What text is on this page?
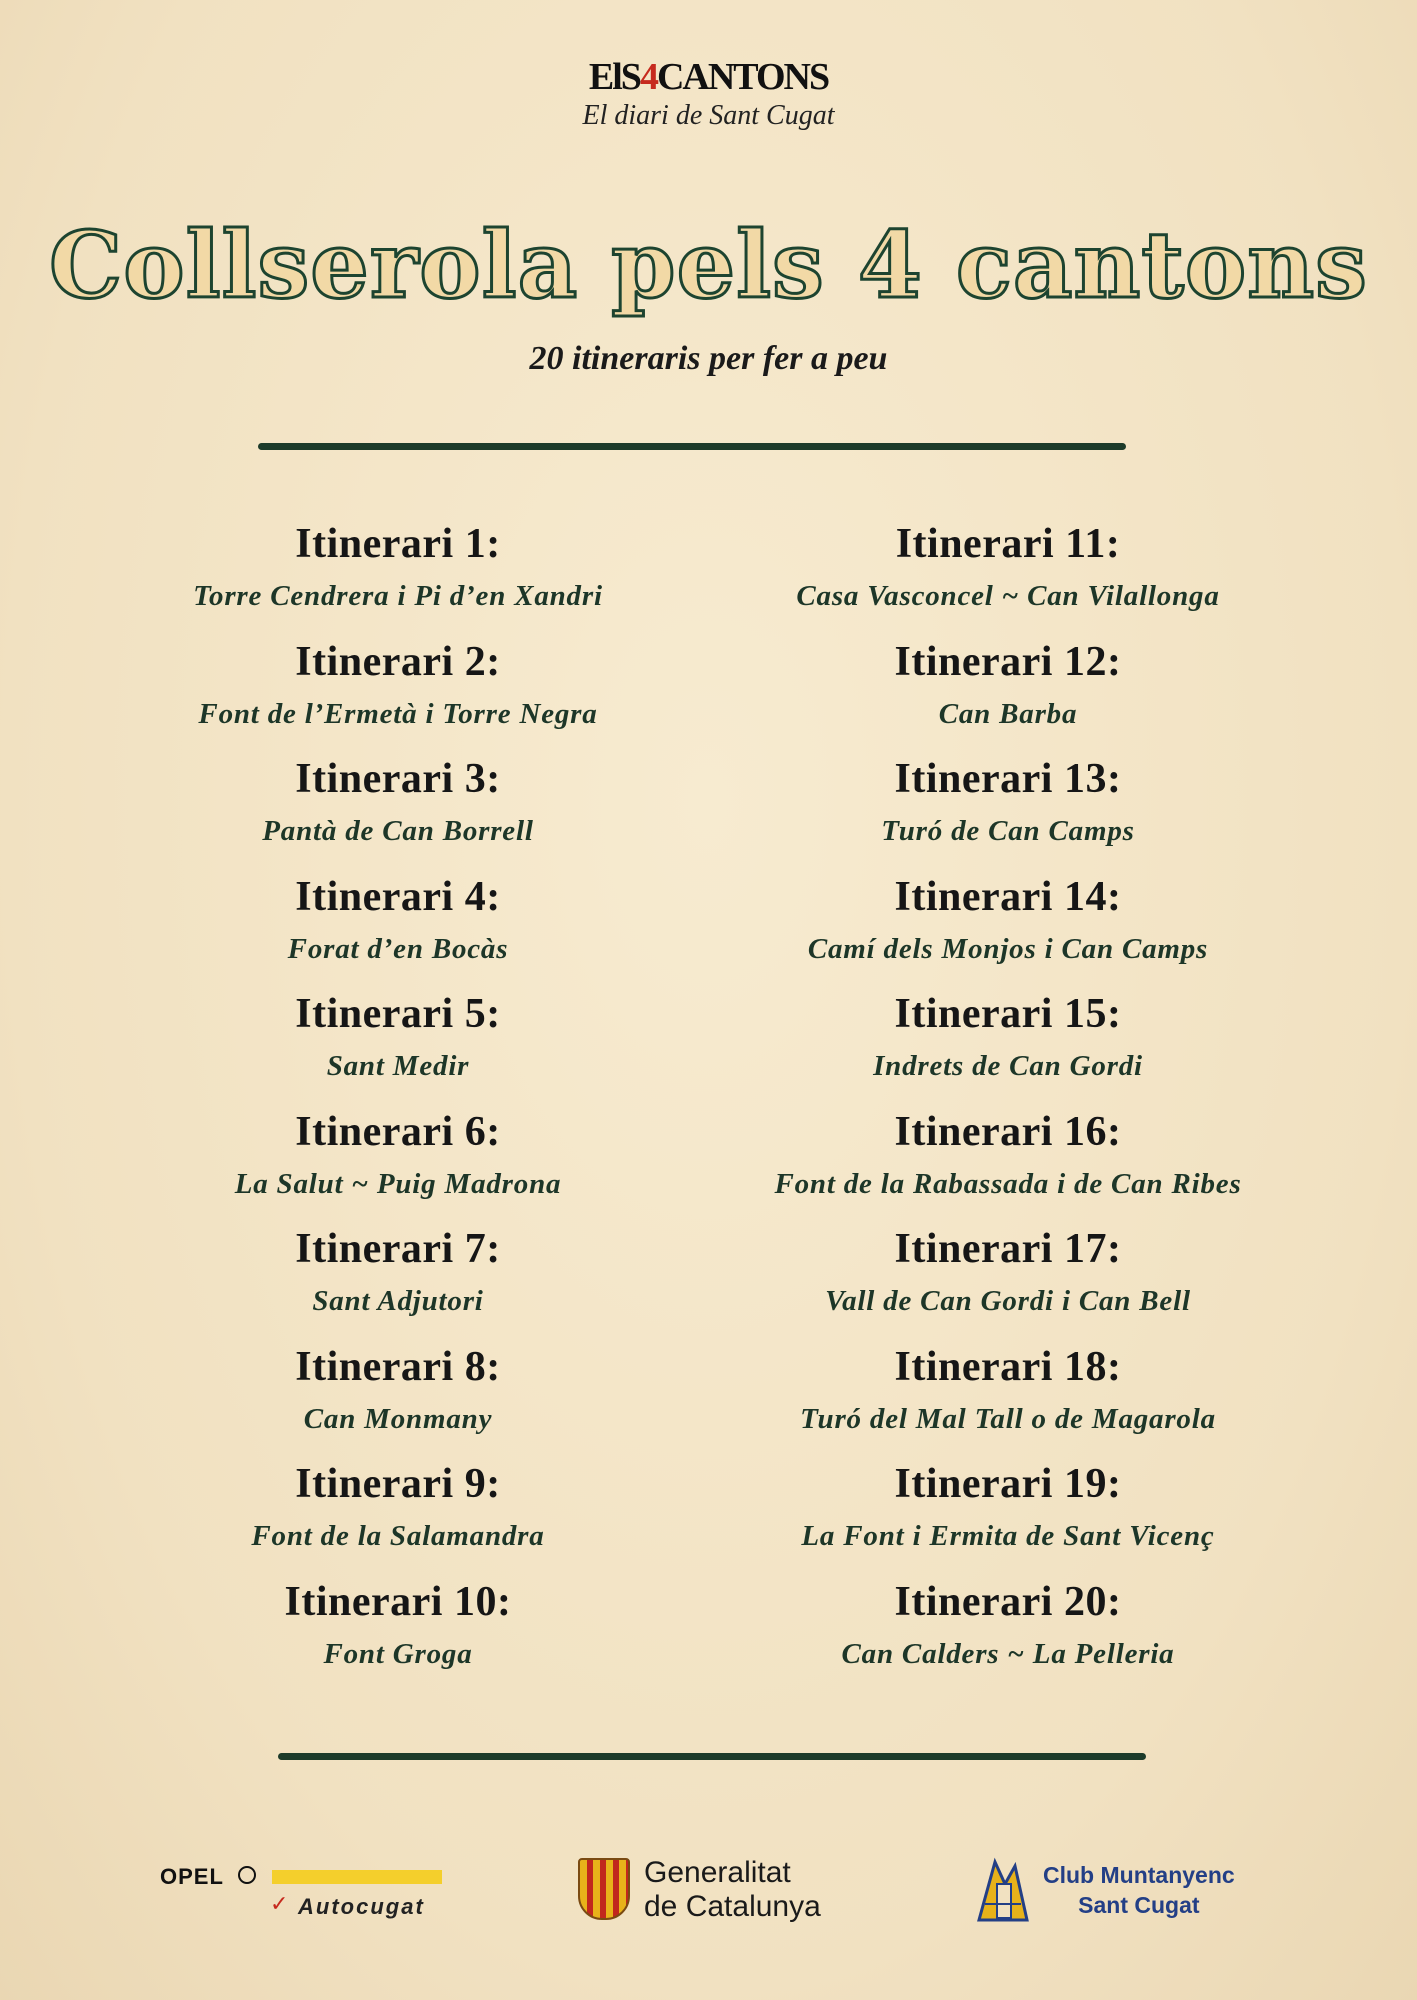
ElS4CANTONS
El diari de Sant Cugat
Collserola pels 4 cantons
20 itineraris per fer a peu
Itinerari 1:
Torre Cendrera i Pi d’en Xandri
Itinerari 2:
Font de l’Ermetà i Torre Negra
Itinerari 3:
Pantà de Can Borrell
Itinerari 4:
Forat d’en Bocàs
Itinerari 5:
Sant Medir
Itinerari 6:
La Salut ~ Puig Madrona
Itinerari 7:
Sant Adjutori
Itinerari 8:
Can Monmany
Itinerari 9:
Font de la Salamandra
Itinerari 10:
Font Groga
Itinerari 11:
Casa Vasconcel ~ Can Vilallonga
Itinerari 12:
Can Barba
Itinerari 13:
Turó de Can Camps
Itinerari 14:
Camí dels Monjos i Can Camps
Itinerari 15:
Indrets de Can Gordi
Itinerari 16:
Font de la Rabassada i de Can Ribes
Itinerari 17:
Vall de Can Gordi i Can Bell
Itinerari 18:
Turó del Mal Tall o de Magarola
Itinerari 19:
La Font i Ermita de Sant Vicenç
Itinerari 20:
Can Calders ~ La Pelleria
OPEL
✓ Autocugat
Generalitat
de Catalunya
Club Muntanyenc
Sant Cugat
